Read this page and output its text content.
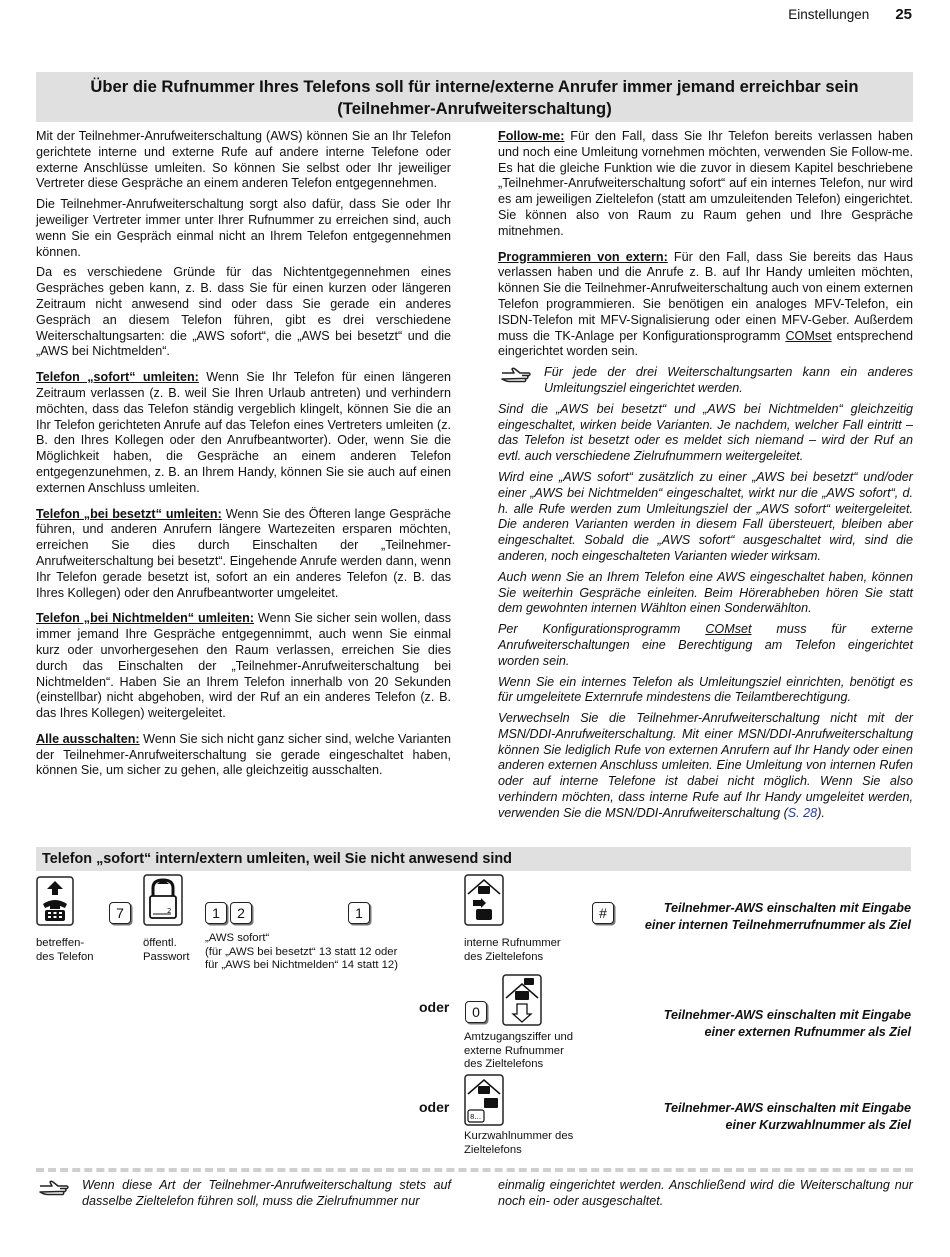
Einstellungen 25
Über die Rufnummer Ihres Telefons soll für interne/externe Anrufer immer jemand erreichbar sein
(Teilnehmer-Anrufweiterschaltung)

Mit der Teilnehmer-Anrufweiterschaltung (AWS) können Sie an Ihr Telefon gerichtete interne und externe Rufe auf andere interne Telefone oder externe Anschlüsse umleiten. So können Sie selbst oder Ihr jeweiliger Vertreter diese Gespräche an einem anderen Telefon entgegennehmen.

Die Teilnehmer-Anrufweiterschaltung sorgt also dafür, dass Sie oder Ihr jeweiliger Vertreter immer unter Ihrer Rufnummer zu erreichen sind, auch wenn Sie ein Gespräch einmal nicht an Ihrem Telefon entgegennehmen können.

Da es verschiedene Gründe für das Nichtentgegennehmen eines Gespräches geben kann, z. B. dass Sie für einen kurzen oder längeren Zeitraum nicht anwesend sind oder dass Sie gerade ein anderes Gespräch an diesem Telefon führen, gibt es drei verschiedene Weiterschaltungsarten: die „AWS sofort“, die „AWS bei besetzt“ und die „AWS bei Nichtmelden“.

Telefon „sofort“ umleiten: Wenn Sie Ihr Telefon für einen längeren Zeitraum verlassen (z. B. weil Sie Ihren Urlaub antreten) und verhindern möchten, dass das Telefon ständig vergeblich klingelt, können Sie die an Ihr Telefon gerichteten Anrufe auf das Telefon eines Vertreters umleiten (z. B. den Ihres Kollegen oder den Anrufbeantworter). Oder, wenn Sie die Möglichkeit haben, die Gespräche an einem anderen Telefon entgegenzunehmen, z. B. an Ihrem Handy, können Sie sie auch auf einen externen Anschluss umleiten.

Telefon „bei besetzt“ umleiten: Wenn Sie des Öfteren lange Gespräche führen, und anderen Anrufern längere Wartezeiten ersparen möchten, erreichen Sie dies durch Einschalten der „Teilnehmer-Anrufweiterschaltung bei besetzt“. Eingehende Anrufe werden dann, wenn Ihr Telefon gerade besetzt ist, sofort an ein anderes Telefon (z. B. das Ihres Kollegen) oder den Anrufbeantworter umgeleitet.

Telefon „bei Nichtmelden“ umleiten: Wenn Sie sicher sein wollen, dass immer jemand Ihre Gespräche entgegennimmt, auch wenn Sie einmal kurz oder unvorhergesehen den Raum verlassen, erreichen Sie dies durch das Einschalten der „Teilnehmer-Anrufweiterschaltung bei Nichtmelden“. Haben Sie an Ihrem Telefon innerhalb von 20 Sekunden (einstellbar) nicht abgehoben, wird der Ruf an ein anderes Telefon (z. B. das Ihres Kollegen) weitergeleitet.

Alle ausschalten: Wenn Sie sich nicht ganz sicher sind, welche Varianten der Teilnehmer-Anrufweiterschaltung sie gerade eingeschaltet haben, können Sie, um sicher zu gehen, alle gleichzeitig ausschalten.

Follow-me: Für den Fall, dass Sie Ihr Telefon bereits verlassen haben und noch eine Umleitung vornehmen möchten, verwenden Sie Follow-me. Es hat die gleiche Funktion wie die zuvor in diesem Kapitel beschriebene „Teilnehmer-Anrufweiterschaltung sofort“ auf ein internes Telefon, nur wird es am jeweiligen Zieltelefon (statt am umzuleitenden Telefon) eingerichtet. Sie können also von Raum zu Raum gehen und Ihre Gespräche mitnehmen.

Programmieren von extern: Für den Fall, dass Sie bereits das Haus verlassen haben und die Anrufe z. B. auf Ihr Handy umleiten möchten, können Sie die Teilnehmer-Anrufweiterschaltung auch von einem externen Telefon programmieren. Sie benötigen ein analoges MFV-Telefon, ein ISDN-Telefon mit MFV-Signalisierung oder einen MFV-Geber. Außerdem muss die TK-Anlage per Konfigurationsprogramm COMset entsprechend eingerichtet worden sein.

Für jede der drei Weiterschaltungsarten kann ein anderes Umleitungsziel eingerichtet werden.

Sind die „AWS bei besetzt“ und „AWS bei Nichtmelden“ gleichzeitig eingeschaltet, wirken beide Varianten. Je nachdem, welcher Fall eintritt – das Telefon ist besetzt oder es meldet sich niemand – wird der Ruf an evtl. auch verschiedene Zielrufnummern weitergeleitet.

Wird eine „AWS sofort“ zusätzlich zu einer „AWS bei besetzt“ und/oder einer „AWS bei Nichtmelden“ eingeschaltet, wirkt nur die „AWS sofort“, d. h. alle Rufe werden zum Umleitungsziel der „AWS sofort“ weitergeleitet. Die anderen Varianten werden in diesem Fall übersteuert, bleiben aber eingeschaltet. Sobald die „AWS sofort“ ausgeschaltet wird, sind die anderen, noch eingeschalteten Varianten wieder wirksam.

Auch wenn Sie an Ihrem Telefon eine AWS eingeschaltet haben, können Sie weiterhin Gespräche einleiten. Beim Hörerabheben hören Sie statt dem gewohnten internen Wählton einen Sonderwählton.

Per Konfigurationsprogramm COMset muss für externe Anrufweiterschaltungen eine Berechtigung am Telefon eingerichtet worden sein.

Wenn Sie ein internes Telefon als Umleitungsziel einrichten, benötigt es für umgeleitete Externrufe mindestens die Teilamtberechtigung.

Verwechseln Sie die Teilnehmer-Anrufweiterschaltung nicht mit der MSN/DDI-Anrufweiterschaltung. Mit einer MSN/DDI-Anrufweiterschaltung können Sie lediglich Rufe von externen Anrufern auf Ihr Handy oder einen anderen externen Anschluss umleiten. Eine Umleitung von internen Rufen oder auf interne Telefone ist dabei nicht möglich. Wenn Sie also verhindern möchten, dass interne Rufe auf Ihr Handy umgeleitet werden, verwenden Sie die MSN/DDI-Anrufweiterschaltung (S. 28).

Telefon „sofort“ intern/extern umleiten, weil Sie nicht anwesend sind
betreffen-
des Telefon
7	2
öffentl.
Passwort
1	2
„AWS sofort“
(für „AWS bei besetzt“ 13 statt 12 oder
für „AWS bei Nichtmelden“ 14 statt 12)
1
interne Rufnummer
des Zieltelefons
#	Teilnehmer-AWS einschalten mit Eingabe einer internen Teilnehmerrufnummer als Ziel
oder	0
Amtzugangsziffer und
externe Rufnummer
des Zieltelefons
Teilnehmer-AWS einschalten mit Eingabe einer externen Rufnummer als Ziel
oder
8...
Kurzwahlnummer des
Zieltelefons
Teilnehmer-AWS einschalten mit Eingabe einer Kurzwahlnummer als Ziel
Wenn diese Art der Teilnehmer-Anrufweiterschaltung stets auf dasselbe Zieltelefon führen soll, muss die Zielrufnummer nur
einmalig eingerichtet werden. Anschließend wird die Weiterschaltung nur noch ein- oder ausgeschaltet.
